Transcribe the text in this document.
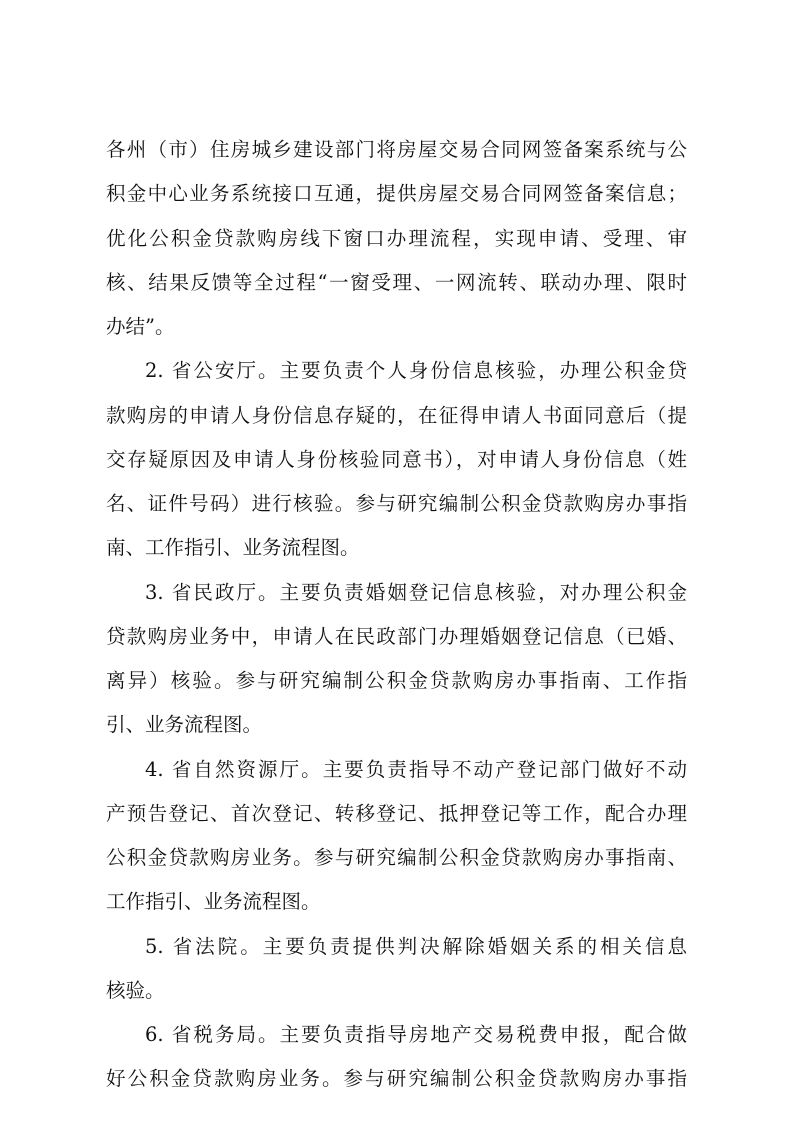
各州（市）住房城乡建设部门将房屋交易合同网签备案系统与公

积金中心业务系统接口互通，提供房屋交易合同网签备案信息；

优化公积金贷款购房线下窗口办理流程，实现申请、受理、审

核、结果反馈等全过程“一窗受理、一网流转、联动办理、限时

办结”。

2. 省公安厅。主要负责个人身份信息核验，办理公积金贷

款购房的申请人身份信息存疑的，在征得申请人书面同意后（提

交存疑原因及申请人身份核验同意书），对申请人身份信息（姓

名、证件号码）进行核验。参与研究编制公积金贷款购房办事指

南、工作指引、业务流程图。

3. 省民政厅。主要负责婚姻登记信息核验，对办理公积金

贷款购房业务中，申请人在民政部门办理婚姻登记信息（已婚、

离异）核验。参与研究编制公积金贷款购房办事指南、工作指

引、业务流程图。

4. 省自然资源厅。主要负责指导不动产登记部门做好不动

产预告登记、首次登记、转移登记、抵押登记等工作，配合办理

公积金贷款购房业务。参与研究编制公积金贷款购房办事指南、

工作指引、业务流程图。

5. 省法院。主要负责提供判决解除婚姻关系的相关信息

核验。

6. 省税务局。主要负责指导房地产交易税费申报，配合做

好公积金贷款购房业务。参与研究编制公积金贷款购房办事指
